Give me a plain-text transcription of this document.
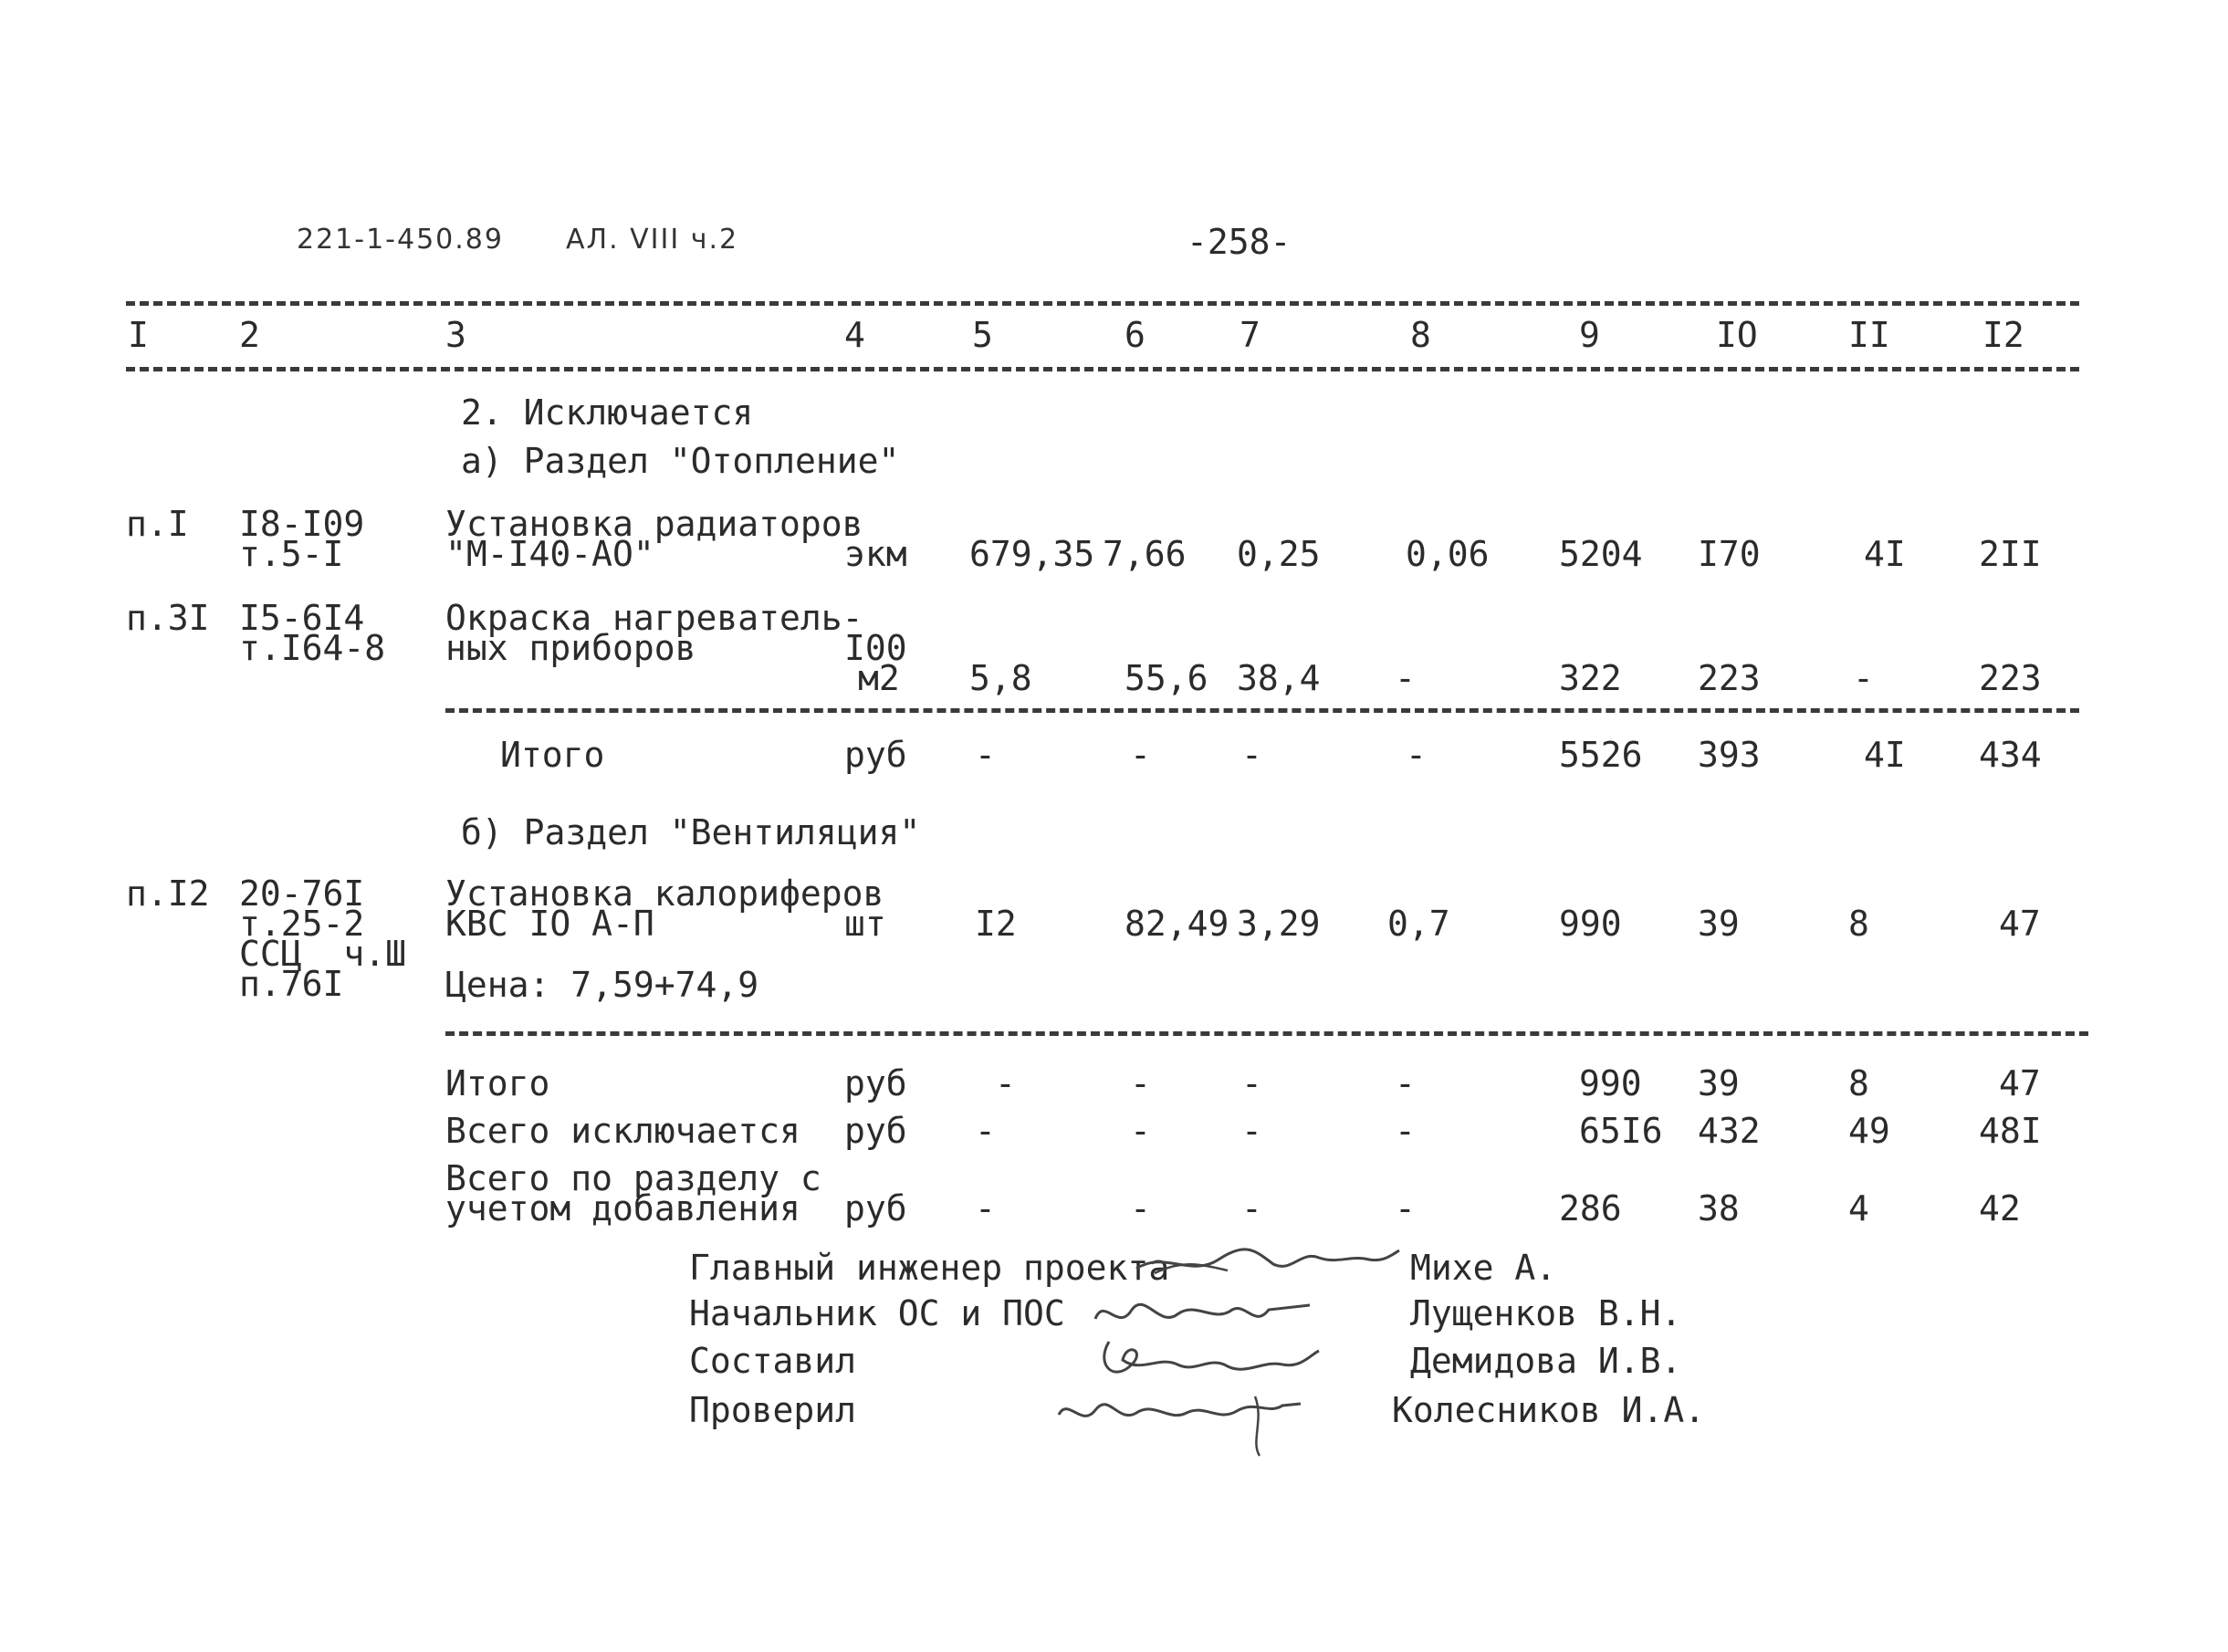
221-1-450.89 АЛ. VIII ч.2	-258-
I	2	3	4	5	6	7	8	9	IO	II	I2
2. Исключается
а) Раздел "Отопление"
п.I I8-I09
т.5-I
Установка радиаторов
"М-I40-АО"	экм 679,35 7,66 0,25 0,06 5204 I70	4I 2II
п.3I I5-6I4
т.I64-8
Окраска нагреватель-
ных приборов	I00
м2 5,8	55,6 38,4 -	322 223	-	223
Итого	руб -	-	-	-	5526 393	4I 434
б) Раздел "Вентиляция"
п.I2 20-76I
т.25-2
ССЦ  ч.Ш
п.76I
Установка калориферов
КВС IO А-П
Цена: 7,59+74,9
шт	I2	82,49 3,29 0,7	990 39	8	47
Итого	руб	-	-	-	-	990 39	8	47
Всего исключается руб -	-	-	-	65I6 432	49	48I
Всего по разделу с
учетом добавления руб -	-	-	-	286 38	4	42
Главный инженер проекта	Михе А.
Начальник ОС и ПОС	Лущенков В.Н.
Составил	Демидова И.В.
Проверил	Колесников И.А.
